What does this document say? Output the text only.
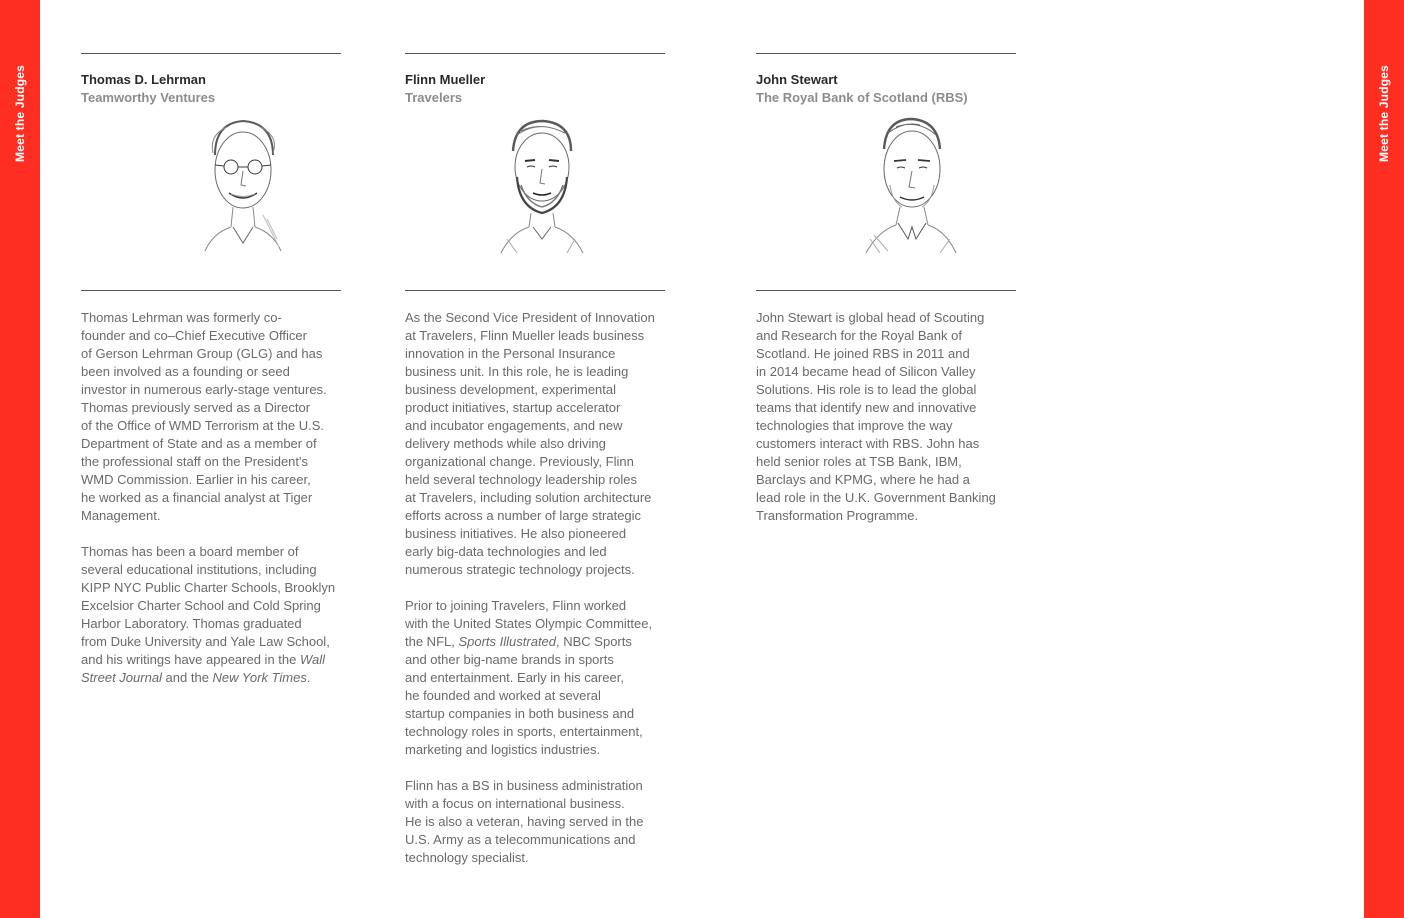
Meet the Judges	Meet the Judges
Thomas D. Lehrman
Teamworthy Ventures

Thomas Lehrman was formerly co-
founder and co–Chief Executive Officer
of Gerson Lehrman Group (GLG) and has
been involved as a founding or seed
investor in numerous early-stage ventures.
Thomas previously served as a Director
of the Office of WMD Terrorism at the U.S.
Department of State and as a member of
the professional staff on the President's
WMD Commission. Earlier in his career,
he worked as a financial analyst at Tiger
Management.

Thomas has been a board member of
several educational institutions, including
KIPP NYC Public Charter Schools, Brooklyn
Excelsior Charter School and Cold Spring
Harbor Laboratory. Thomas graduated
from Duke University and Yale Law School,
and his writings have appeared in the Wall
Street Journal and the New York Times.

Flinn Mueller
Travelers

As the Second Vice President of Innovation
at Travelers, Flinn Mueller leads business
innovation in the Personal Insurance
business unit. In this role, he is leading
business development, experimental
product initiatives, startup accelerator
and incubator engagements, and new
delivery methods while also driving
organizational change. Previously, Flinn
held several technology leadership roles
at Travelers, including solution architecture
efforts across a number of large strategic
business initiatives. He also pioneered
early big-data technologies and led
numerous strategic technology projects.

Prior to joining Travelers, Flinn worked
with the United States Olympic Committee,
the NFL, Sports Illustrated, NBC Sports
and other big-name brands in sports
and entertainment. Early in his career,
he founded and worked at several
startup companies in both business and
technology roles in sports, entertainment,
marketing and logistics industries.

Flinn has a BS in business administration
with a focus on international business.
He is also a veteran, having served in the
U.S. Army as a telecommunications and
technology specialist.

John Stewart
The Royal Bank of Scotland (RBS)

John Stewart is global head of Scouting
and Research for the Royal Bank of
Scotland. He joined RBS in 2011 and
in 2014 became head of Silicon Valley
Solutions. His role is to lead the global
teams that identify new and innovative
technologies that improve the way
customers interact with RBS. John has
held senior roles at TSB Bank, IBM,
Barclays and KPMG, where he had a
lead role in the U.K. Government Banking
Transformation Programme.
